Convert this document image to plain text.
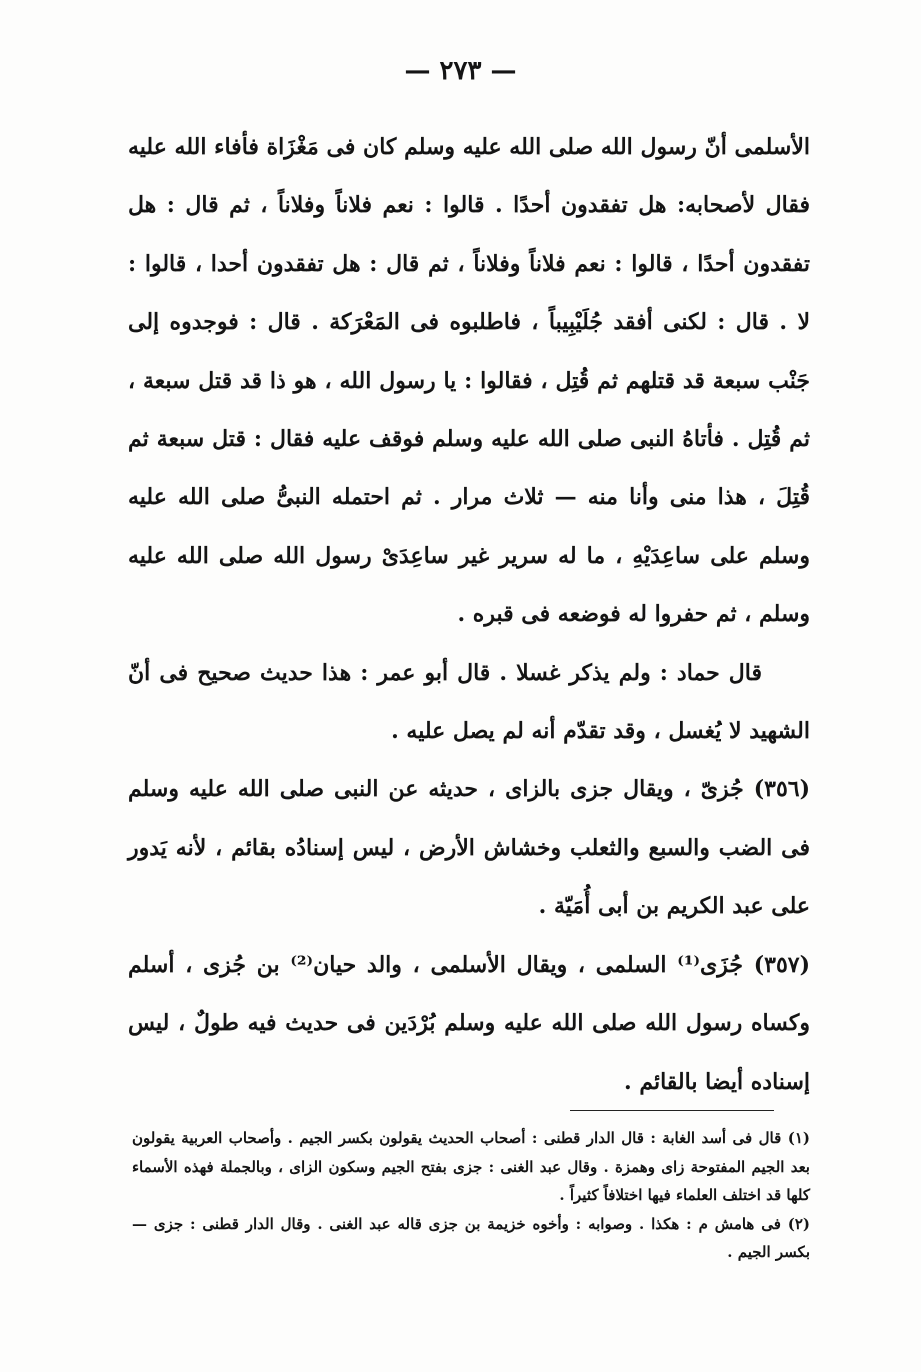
— ٢٧٣ —

الأسلمى أنّ رسول الله صلى الله عليه وسلم كان فى مَغْزَاة فأفاء الله عليه فقال لأصحابه: هل تفقدون أحدًا . قالوا : نعم فلاناً وفلاناً ، ثم قال : هل تفقدون أحدًا ، قالوا : نعم فلاناً وفلاناً ، ثم قال : هل تفقدون أحدا ، قالوا : لا . قال : لكنى أفقد جُلَيْبِيباً ، فاطلبوه فى المَعْرَكة . قال : فوجدوه إلى جَنْب سبعة قد قتلهم ثم قُتِل ، فقالوا : يا رسول الله ، هو ذا قد قتل سبعة ، ثم قُتِل . فأتاهُ النبى صلى الله عليه وسلم فوقف عليه فقال : قتل سبعة ثم قُتِلَ ، هذا منى وأنا منه — ثلاث مرار . ثم احتمله النبىُّ صلى الله عليه وسلم على ساعِدَيْهِ ، ما له سرير غير ساعِدَىْ رسول الله صلى الله عليه وسلم ، ثم حفروا له فوضعه فى قبره .

قال حماد : ولم يذكر غسلا . قال أبو عمر : هذا حديث صحيح فى أنّ الشهيد لا يُغسل ، وقد تقدّم أنه لم يصل عليه .

(٣٥٦) جُزىّ ، ويقال جزى بالزاى ، حديثه عن النبى صلى الله عليه وسلم فى الضب والسبع والثعلب وخشاش الأرض ، ليس إسنادُه بقائم ، لأنه يَدور على عبد الكريم بن أبى أُمَيّة .

(٣٥٧) جُزَى⁽¹⁾ السلمى ، ويقال الأسلمى ، والد حيان⁽²⁾ بن جُزى ، أسلم وكساه رسول الله صلى الله عليه وسلم بُرْدَين فى حديث فيه طولٌ ، ليس إسناده أيضا بالقائم .

(١) قال فى أسد الغابة : قال الدار قطنى : أصحاب الحديث يقولون بكسر الجيم . وأصحاب العربية يقولون بعد الجيم المفتوحة زاى وهمزة . وقال عبد الغنى : جزى بفتح الجيم وسكون الزاى ، وبالجملة فهذه الأسماء كلها قد اختلف العلماء فيها اختلافاً كثيراً .

(٢) فى هامش م : هكذا . وصوابه : وأخوه خزيمة بن جزى قاله عبد الغنى . وقال الدار قطنى : جزى — بكسر الجيم .
